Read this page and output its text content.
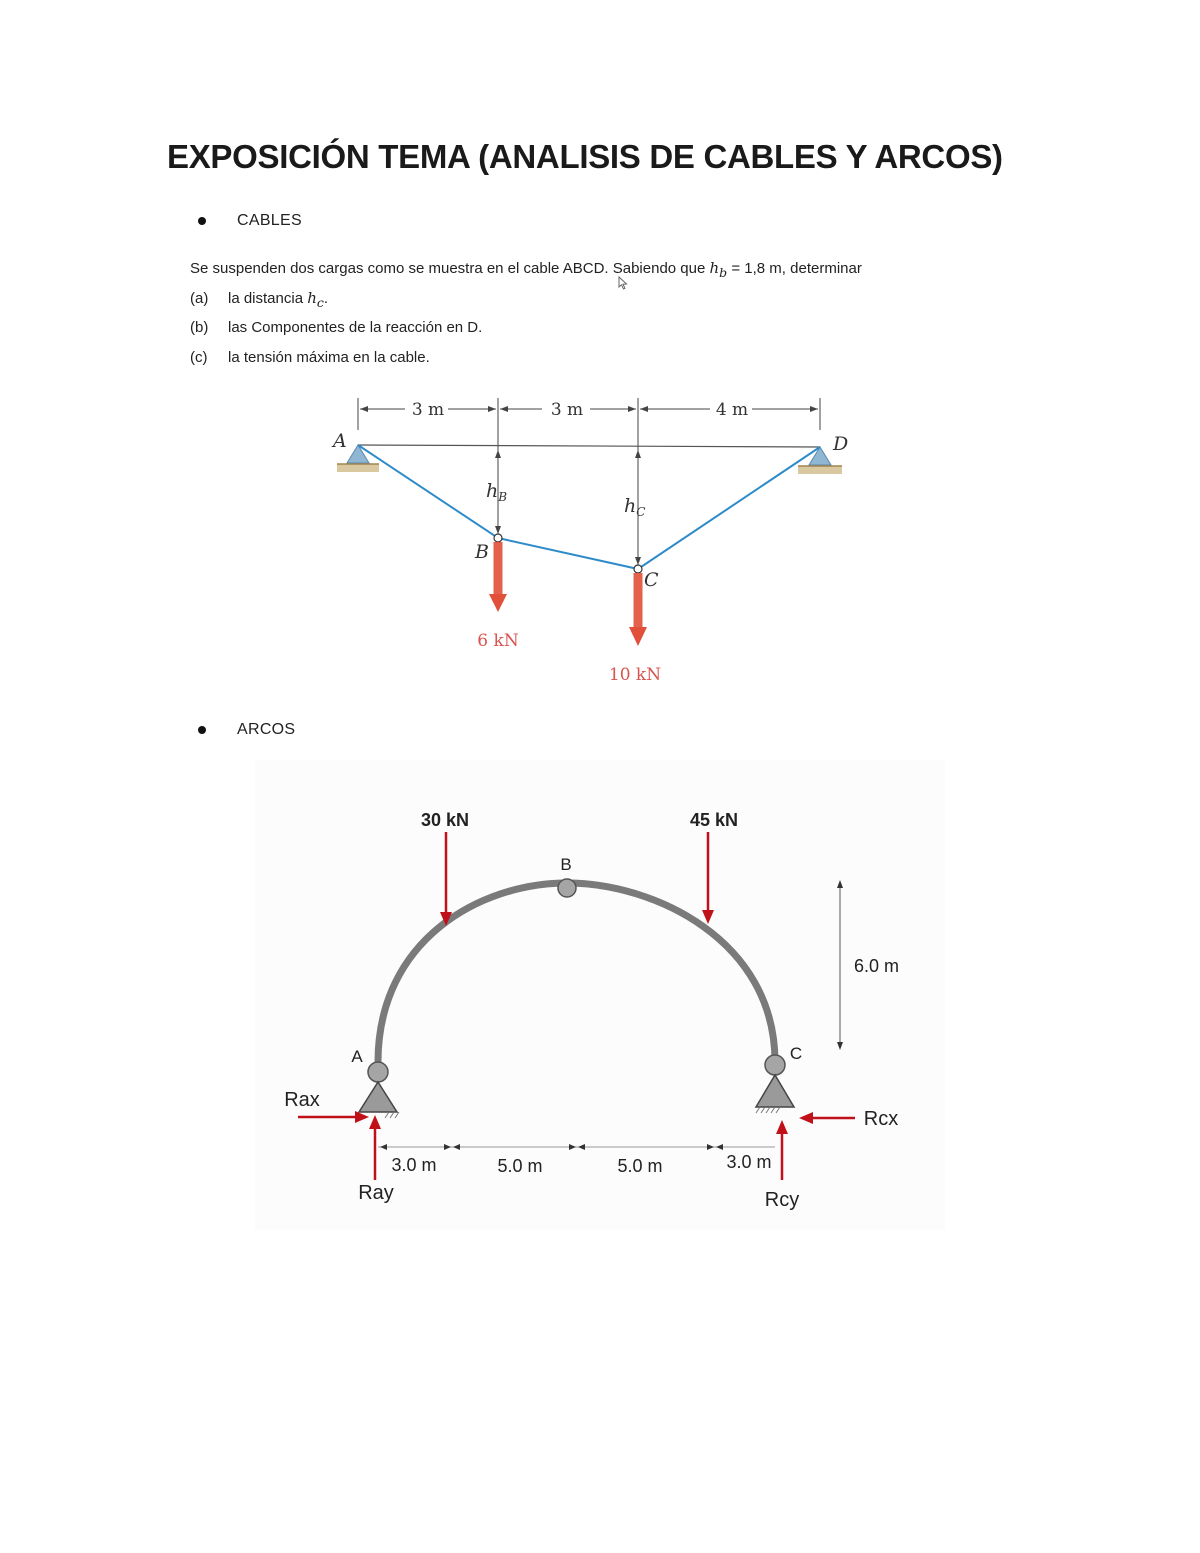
EXPOSICIÓN TEMA (ANALISIS DE CABLES Y ARCOS)
CABLES

Se suspenden dos cargas como se muestra en el cable ABCD. Sabiendo que $h_b = 1,8$ m, determinar

(a) la distancia $h_c$.

(b) las Componentes de la reacción en D.

(c) la tensión máxima en la cable.

3 m	3 m	4 m
$h_B$	$h_C$
6 kN
10 kN
A
B
C
D
ARCOS
30 kN	45 kN
B
A	C
6.0 m
3.0 m	5.0 m	5.0 m	3.0 m
Rax
Ray
Rcx
Rcy
